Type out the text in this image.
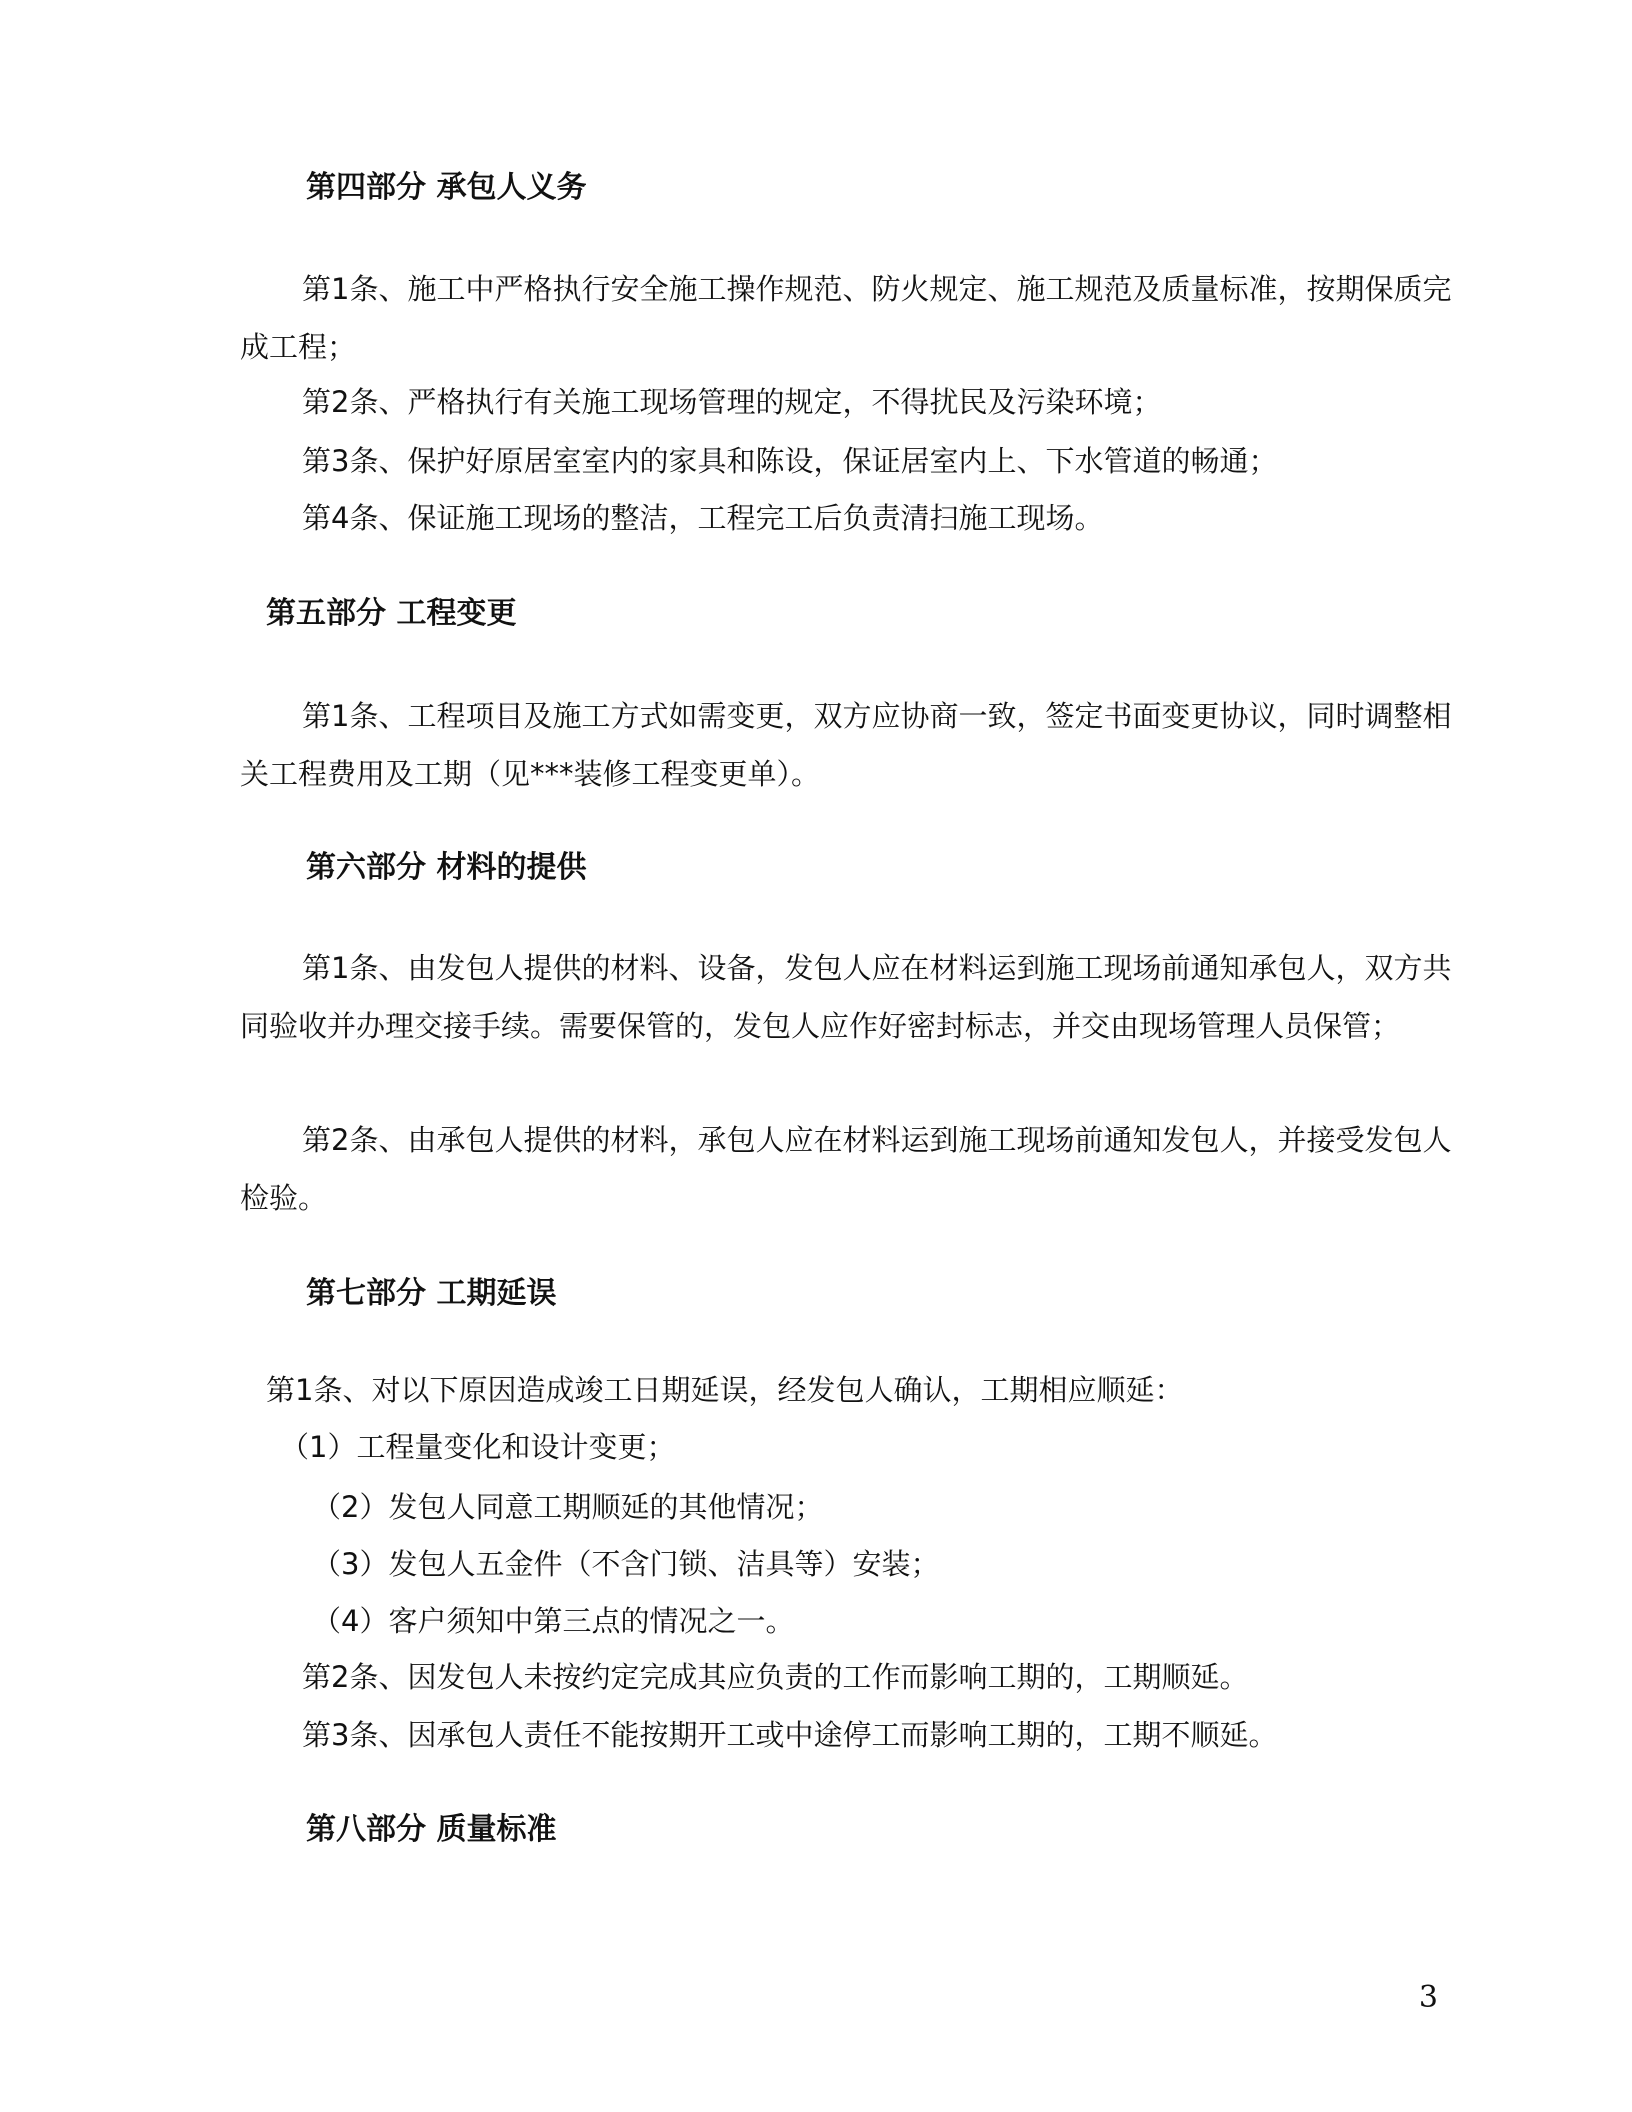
第四部分 承包人义务

第1条、施工中严格执行安全施工操作规范、防火规定、施工规范及质量标准，按期保质完成工程；

第2条、严格执行有关施工现场管理的规定，不得扰民及污染环境；
第3条、保护好原居室室内的家具和陈设，保证居室内上、下水管道的畅通；
第4条、保证施工现场的整洁，工程完工后负责清扫施工现场。
第五部分 工程变更

第1条、工程项目及施工方式如需变更，双方应协商一致，签定书面变更协议，同时调整相关工程费用及工期（见***装修工程变更单）。

第六部分 材料的提供

第1条、由发包人提供的材料、设备，发包人应在材料运到施工现场前通知承包人，双方共同验收并办理交接手续。需要保管的，发包人应作好密封标志，并交由现场管理人员保管；

第2条、由承包人提供的材料，承包人应在材料运到施工现场前通知发包人，并接受发包人检验。

第七部分 工期延误
第1条、对以下原因造成竣工日期延误，经发包人确认，工期相应顺延：
（1）工程量变化和设计变更；
（2）发包人同意工期顺延的其他情况；
（3）发包人五金件（不含门锁、洁具等）安装；
（4）客户须知中第三点的情况之一。
第2条、因发包人未按约定完成其应负责的工作而影响工期的，工期顺延。
第3条、因承包人责任不能按期开工或中途停工而影响工期的，工期不顺延。
第八部分 质量标准
3
